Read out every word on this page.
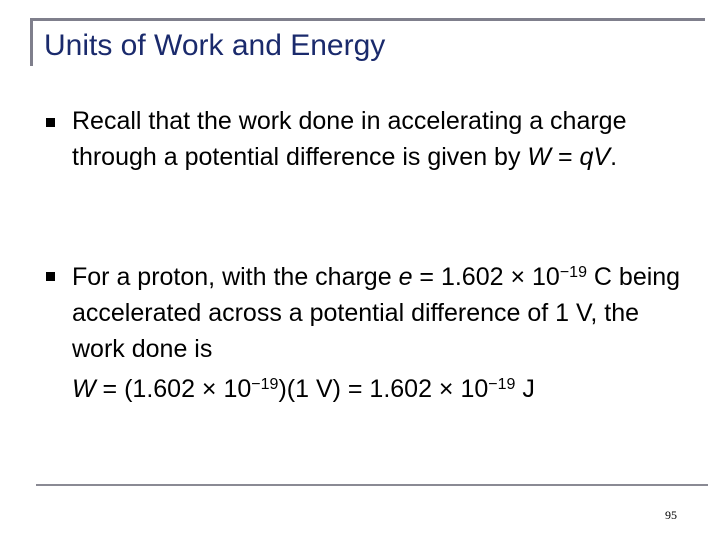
Units of Work and Energy

Recall that the work done in accelerating a charge through a potential difference is given by W = qV.

For a proton, with the charge $e = 1.602 \times 10^{-19}$ C being accelerated across a potential difference of 1 V, the work done is
$W = (1.602 \times 10^{-19})(1$ $V) = 1.602 \times 10^{-19}$ J

95
